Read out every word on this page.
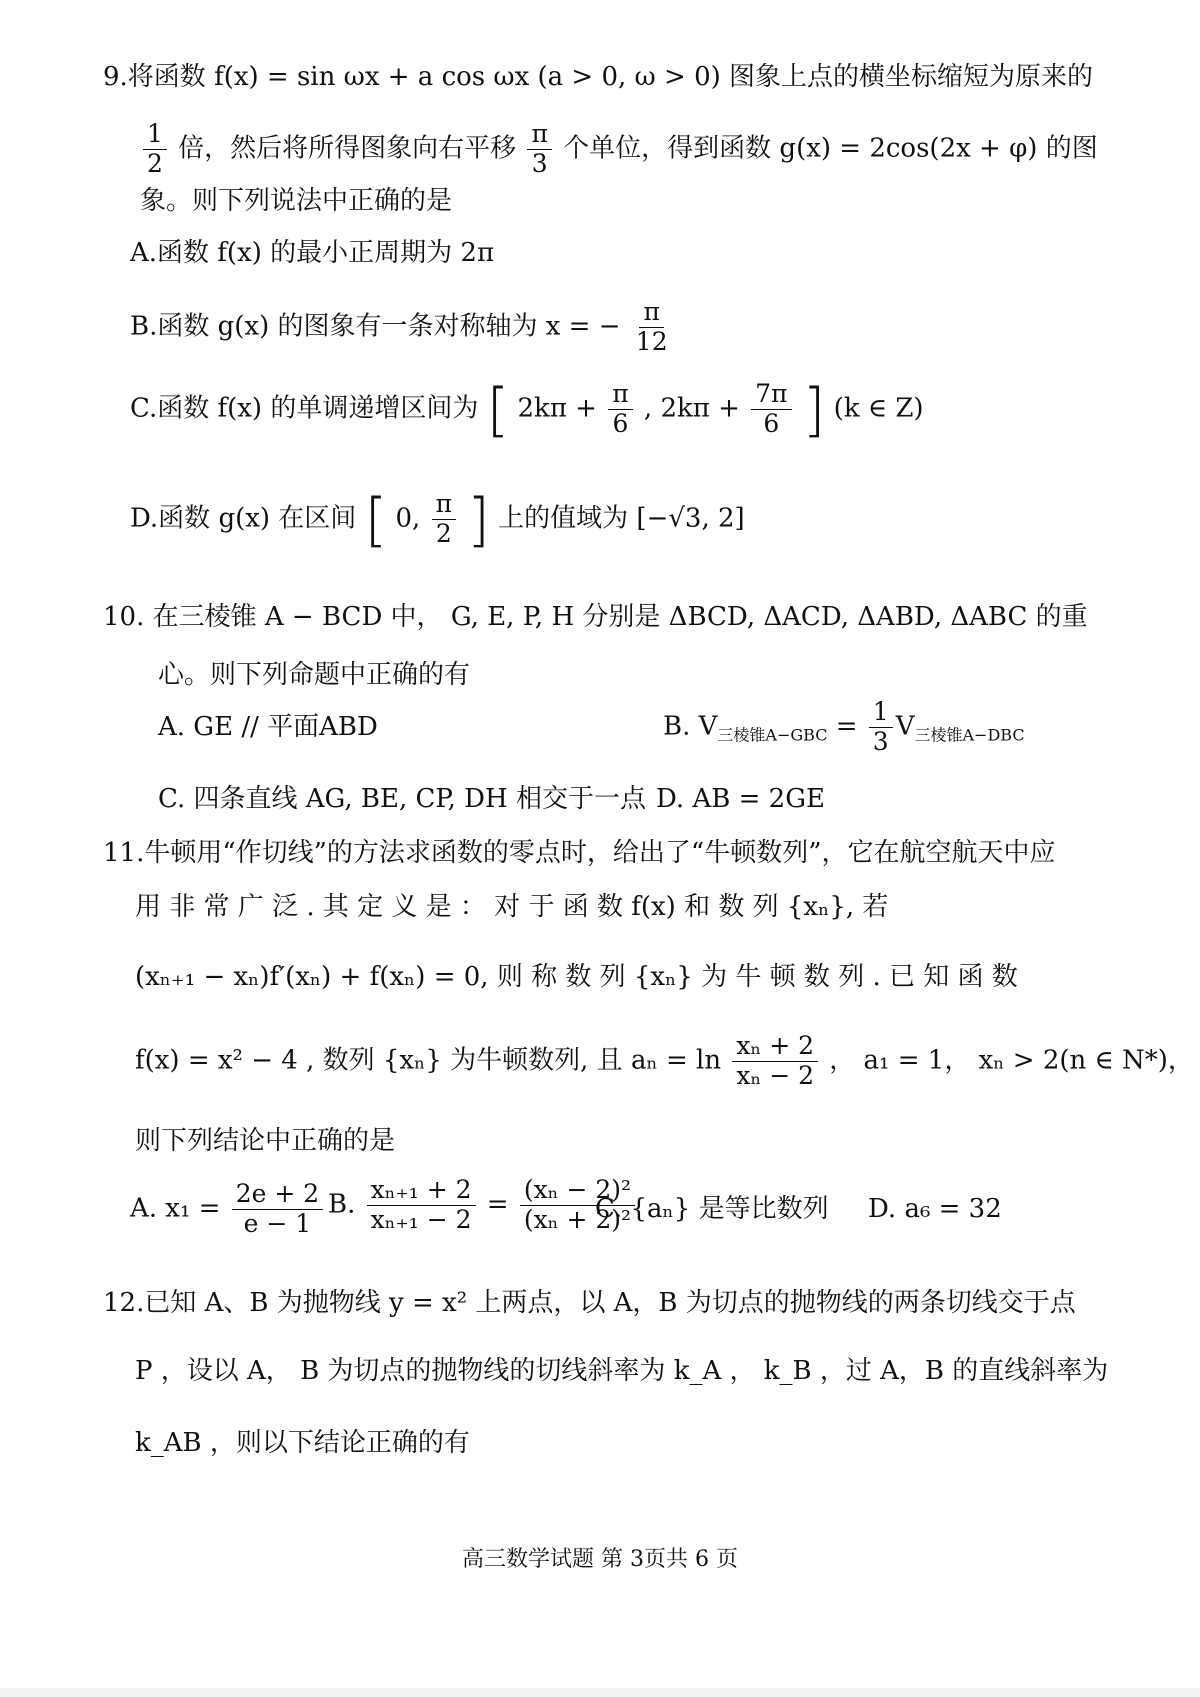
9.将函数 f(x) = sin ωx + a cos ωx (a > 0, ω > 0) 图象上点的横坐标缩短为原来的
$\frac{1}{2}$ 倍，然后将所得图象向右平移 $\frac{\pi}{3}$ 个单位，得到函数 g(x) = 2cos(2x + φ) 的图
象。则下列说法中正确的是
A.函数 f(x) 的最小正周期为 2π
B.函数 g(x) 的图象有一条对称轴为 x = − $\frac{\pi}{12}$
C.函数 f(x) 的单调递增区间为 [ $2k\pi + \frac{\pi}{6}$ , $2k\pi + \frac{7\pi}{6}$ ] (k ∈ Z)
D.函数 g(x) 在区间 [ 0, $\frac{\pi}{2}$ ] 上的值域为 [−√3, 2]
10. 在三棱锥 A − BCD 中， G, E, P, H 分别是 ΔBCD, ΔACD, ΔABD, ΔABC 的重
心。则下列命题中正确的有
A. GE // 平面ABD	B. $V_{三棱锥A-GBC} = \frac{1}{3} V_{三棱锥A-DBC}$
C. 四条直线 AG, BE, CP, DH 相交于一点 D. AB = 2GE
11.牛顿用“作切线”的方法求函数的零点时，给出了“牛顿数列”，它在航空航天中应
用 非 常 广 泛 . 其 定 义 是 ： 对 于 函 数 f(x) 和 数 列 {xₙ}, 若
(xₙ₊₁ − xₙ)f′(xₙ) + f(xₙ) = 0, 则 称 数 列 {xₙ} 为 牛 顿 数 列 . 已 知 函 数
f(x) = x² − 4 , 数列 {xₙ} 为牛顿数列, 且 $a_n = \ln \frac{\text{xₙ + 2}}{\text{xₙ − 2}}$ ， a₁ = 1， xₙ > 2(n ∈ N*)，
则下列结论中正确的是
A. $x_1 = \frac{2e + 2}{e - 1} B$. $\frac{\text{xₙ₊₁ + 2}}{\text{xₙ₊₁ − 2}} = \frac{\text{(xₙ − 2)²}}{\text{(xₙ + 2)²}}$
C. {aₙ} 是等比数列 D. a₆ = 32
12.已知 A、B 为抛物线 y = x² 上两点，以 A，B 为切点的抛物线的两条切线交于点
P ，设以 A， B 为切点的抛物线的切线斜率为 k_A ， k_B ，过 A，B 的直线斜率为
k_AB ，则以下结论正确的有
高三数学试题 第 3页共 6 页
